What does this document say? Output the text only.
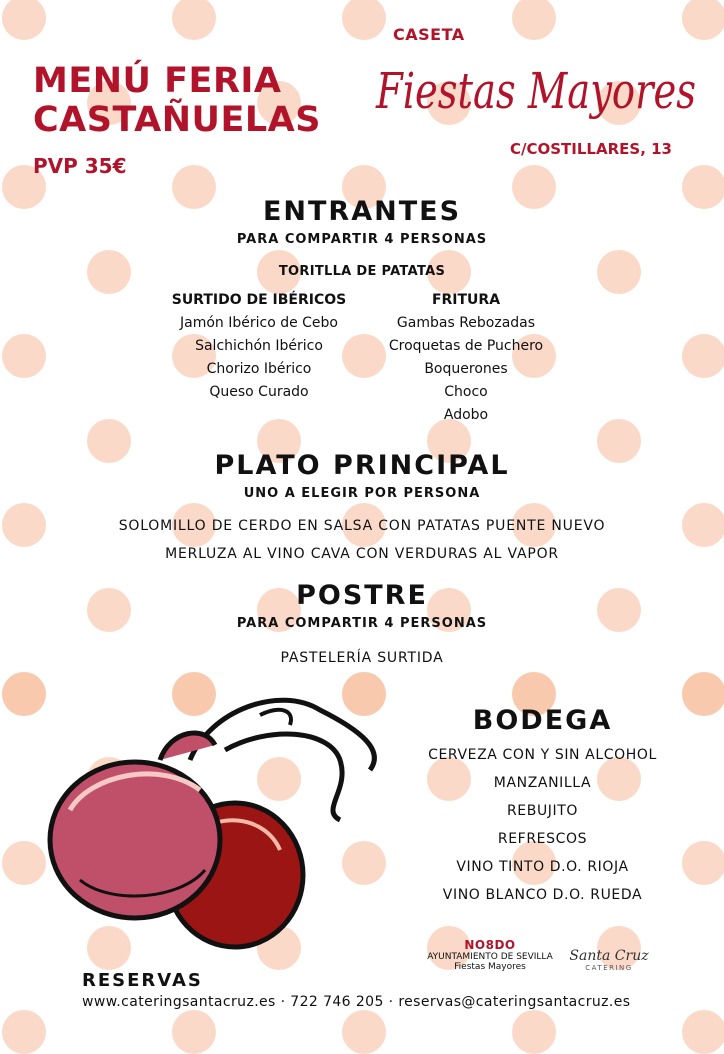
MENÚ FERIA
CASTAÑUELAS
PVP 35€
CASETA
Fiestas Mayores
C/COSTILLARES, 13
ENTRANTES
PARA COMPARTIR 4 PERSONAS
TORITLLA DE PATATAS
SURTIDO DE IBÉRICOS
Jamón Ibérico de Cebo
Salchichón Ibérico
Chorizo Ibérico
Queso Curado
FRITURA
Gambas Rebozadas
Croquetas de Puchero
Boquerones
Choco
Adobo
PLATO PRINCIPAL
UNO A ELEGIR POR PERSONA
SOLOMILLO DE CERDO EN SALSA CON PATATAS PUENTE NUEVO
MERLUZA AL VINO CAVA CON VERDURAS AL VAPOR
POSTRE
PARA COMPARTIR 4 PERSONAS
PASTELERÍA SURTIDA
BODEGA
CERVEZA CON Y SIN ALCOHOL
MANZANILLA
REBUJITO
REFRESCOS
VINO TINTO D.O. RIOJA
VINO BLANCO D.O. RUEDA
RESERVAS
www.cateringsantacruz.es · 722 746 205 · reservas@cateringsantacruz.es
NO8DO
AYUNTAMIENTO DE SEVILLA
Fiestas Mayores
Santa Cruz
CATERING
